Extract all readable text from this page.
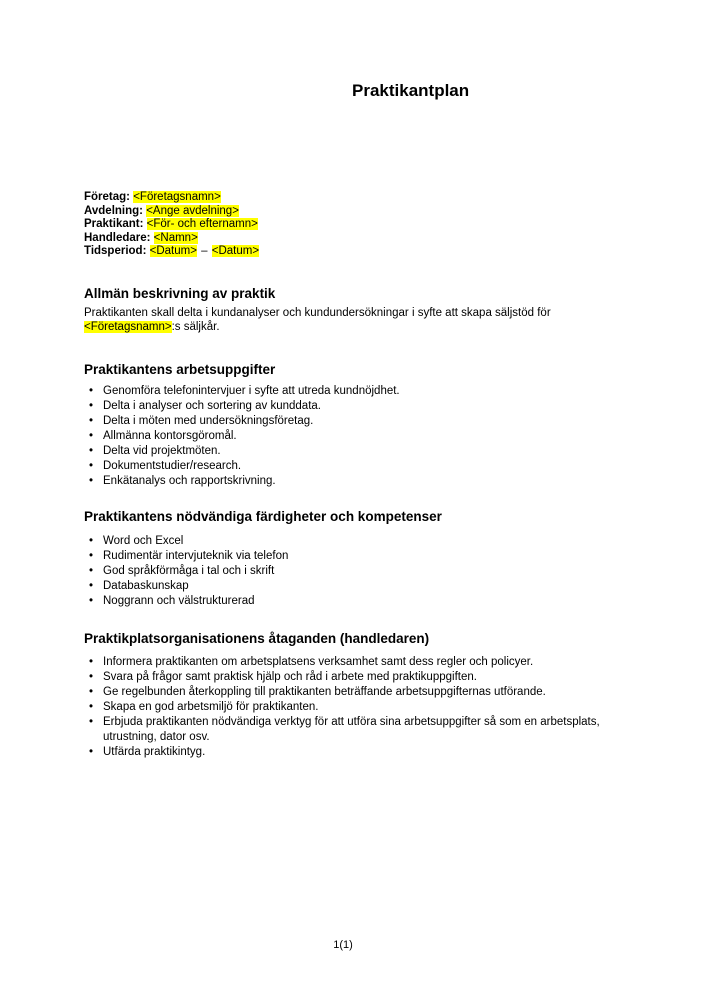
Praktikantplan
Företag: <Företagsnamn>
Avdelning: <Ange avdelning>
Praktikant: <För- och efternamn>
Handledare: <Namn>
Tidsperiod: <Datum> – <Datum>
Allmän beskrivning av praktik

Praktikanten skall delta i kundanalyser och kundundersökningar i syfte att skapa säljstöd för <Företagsnamn>:s säljkår.

Praktikantens arbetsuppgifter
•
Genomföra telefonintervjuer i syfte att utreda kundnöjdhet.
•
Delta i analyser och sortering av kunddata.
•
Delta i möten med undersökningsföretag.
•
Allmänna kontorsgöromål.
•
Delta vid projektmöten.
•
Dokumentstudier/research.
•
Enkätanalys och rapportskrivning.
Praktikantens nödvändiga färdigheter och kompetenser
•
Word och Excel
•
Rudimentär intervjuteknik via telefon
•
God språkförmåga i tal och i skrift
•
Databaskunskap
•
Noggrann och välstrukturerad
Praktikplatsorganisationens åtaganden (handledaren)
•
Informera praktikanten om arbetsplatsens verksamhet samt dess regler och policyer.
•
Svara på frågor samt praktisk hjälp och råd i arbete med praktikuppgiften.
•
Ge regelbunden återkoppling till praktikanten beträffande arbetsuppgifternas utförande.
•
Skapa en god arbetsmiljö för praktikanten.
•
Erbjuda praktikanten nödvändiga verktyg för att utföra sina arbetsuppgifter så som en arbetsplats, utrustning, dator osv.
•
Utfärda praktikintyg.
1(1)
